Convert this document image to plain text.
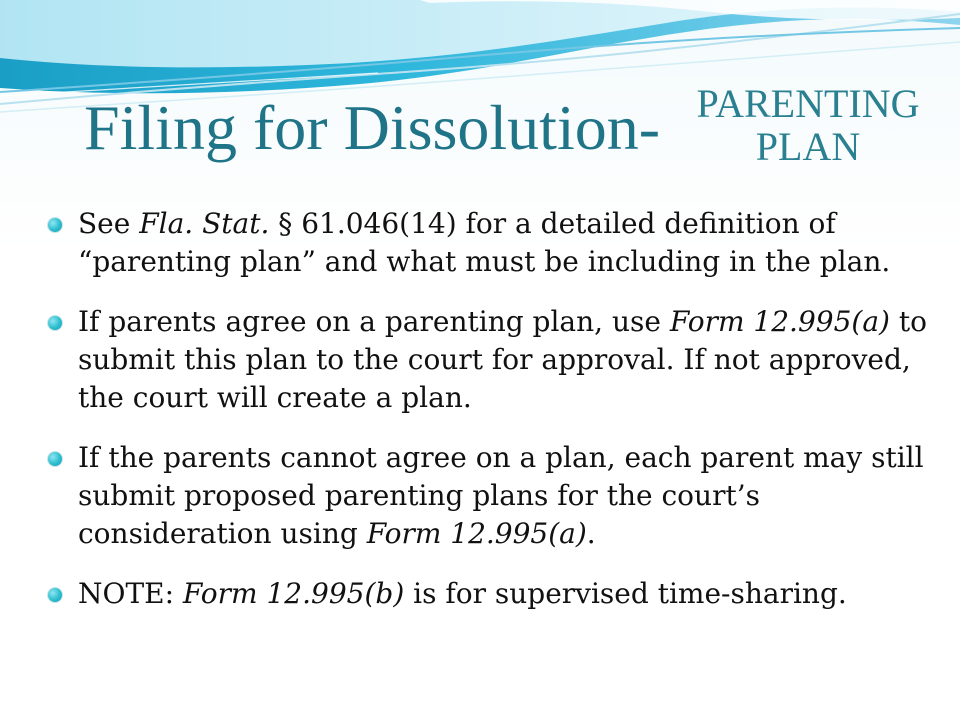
Filing for Dissolution- PARENTING
PLAN
See Fla. Stat. § 61.046(14) for a detailed definition of “parenting plan” and what must be including in the plan.
If parents agree on a parenting plan, use Form 12.995(a) to submit this plan to the court for approval. If not approved, the court will create a plan.
If the parents cannot agree on a plan, each parent may still submit proposed parenting plans for the court’s consideration using Form 12.995(a).
NOTE: Form 12.995(b) is for supervised time-sharing.
